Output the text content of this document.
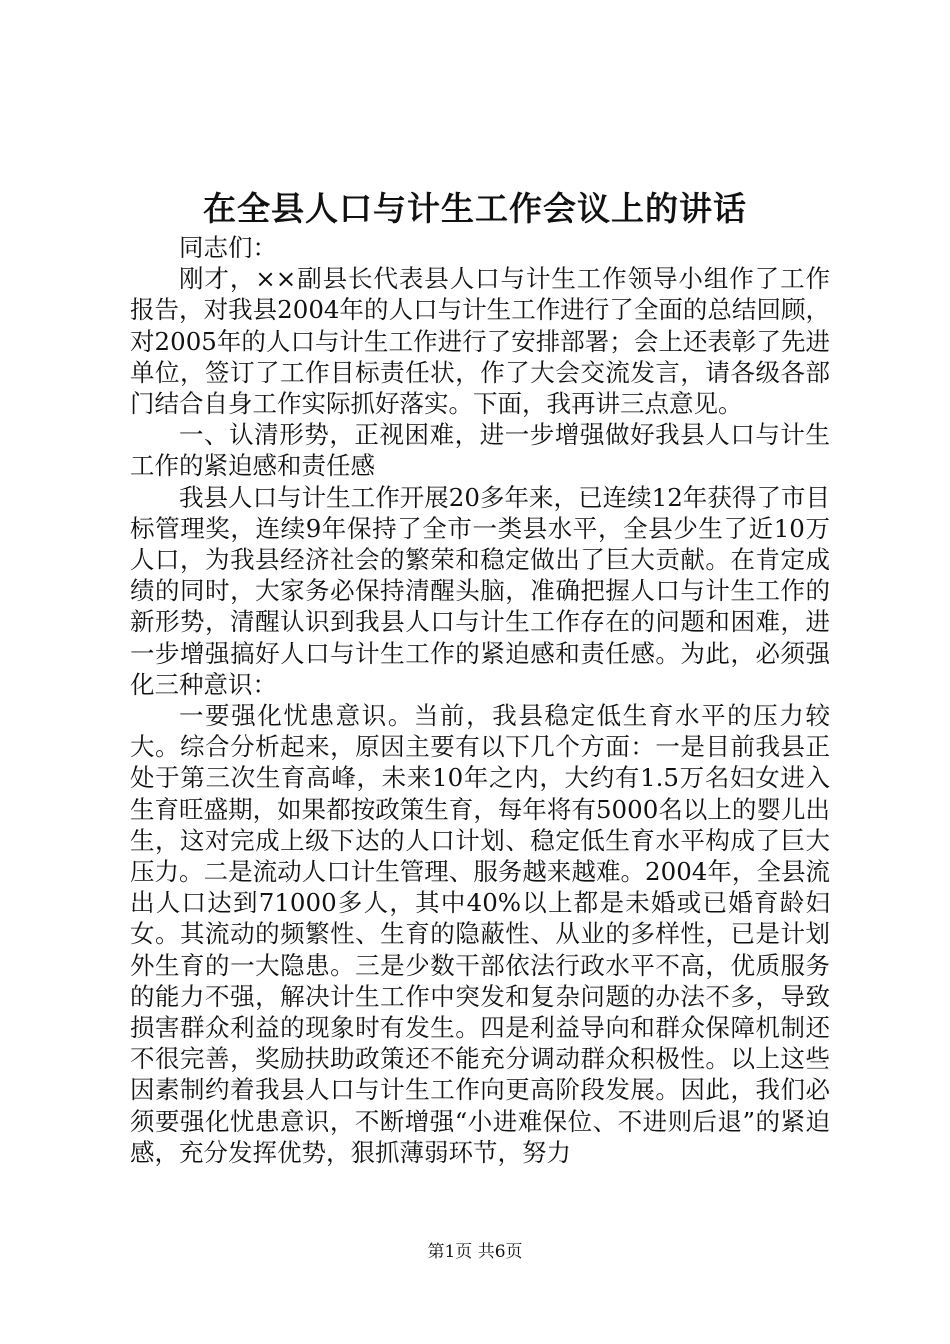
在全县人口与计生工作会议上的讲话

同志们：

刚才，××副县长代表县人口与计生工作领导小组作了工作报告，对我县2004年的人口与计生工作进行了全面的总结回顾，对2005年的人口与计生工作进行了安排部署；会上还表彰了先进单位，签订了工作目标责任状，作了大会交流发言，请各级各部门结合自身工作实际抓好落实。下面，我再讲三点意见。

一、认清形势，正视困难，进一步增强做好我县人口与计生工作的紧迫感和责任感

我县人口与计生工作开展20多年来，已连续12年获得了市目标管理奖，连续9年保持了全市一类县水平，全县少生了近10万人口，为我县经济社会的繁荣和稳定做出了巨大贡献。在肯定成绩的同时，大家务必保持清醒头脑，准确把握人口与计生工作的新形势，清醒认识到我县人口与计生工作存在的问题和困难，进一步增强搞好人口与计生工作的紧迫感和责任感。为此，必须强化三种意识：

一要强化忧患意识。当前，我县稳定低生育水平的压力较大。综合分析起来，原因主要有以下几个方面：一是目前我县正处于第三次生育高峰，未来10年之内，大约有1.5万名妇女进入生育旺盛期，如果都按政策生育，每年将有5000名以上的婴儿出生，这对完成上级下达的人口计划、稳定低生育水平构成了巨大压力。二是流动人口计生管理、服务越来越难。2004年，全县流出人口达到71000多人，其中40%以上都是未婚或已婚育龄妇女。其流动的频繁性、生育的隐蔽性、从业的多样性，已是计划外生育的一大隐患。三是少数干部依法行政水平不高，优质服务的能力不强，解决计生工作中突发和复杂问题的办法不多，导致损害群众利益的现象时有发生。四是利益导向和群众保障机制还不很完善，奖励扶助政策还不能充分调动群众积极性。以上这些因素制约着我县人口与计生工作向更高阶段发展。因此，我们必须要强化忧患意识，不断增强“小进难保位、不进则后退”的紧迫感，充分发挥优势，狠抓薄弱环节，努力

第1页 共6页
